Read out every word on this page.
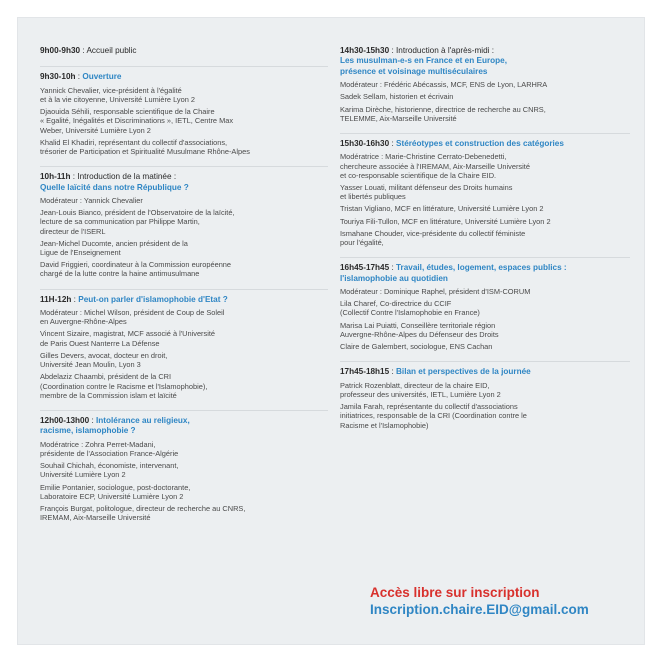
9h00-9h30 : Accueil public
9h30-10h : Ouverture
Yannick Chevalier, vice-président à l'égalité
et à la vie citoyenne, Université Lumière Lyon 2
Djaouida Séhili, responsable scientifique de la Chaire
« Egalité, Inégalités et Discriminations », IETL, Centre Max
Weber, Université Lumière Lyon 2
Khalid El Khadiri, représentant du collectif d'associations,
trésorier de Participation et Spiritualité Musulmane Rhône-Alpes
10h-11h : Introduction de la matinée :
Quelle laïcité dans notre République ?
Modérateur : Yannick Chevalier
Jean-Louis Bianco, président de l'Observatoire de la laïcité,
lecture de sa communication par Philippe Martin,
directeur de l'ISERL
Jean-Michel Ducomte, ancien président de la
Ligue de l'Enseignement
David Friggieri, coordinateur à la Commission européenne
chargé de la lutte contre la haine antimusulmane
11H-12h : Peut-on parler d'islamophobie d'Etat ?
Modérateur : Michel Wilson, président de Coup de Soleil
en Auvergne-Rhône-Alpes
Vincent Sizaire, magistrat, MCF associé à l'Université
de Paris Ouest Nanterre La Défense
Gilles Devers, avocat, docteur en droit,
Université Jean Moulin, Lyon 3
Abdelaziz Chaambi, président de la CRI
(Coordination contre le Racisme et l'Islamophobie),
membre de la Commission islam et laïcité
12h00-13h00 : Intolérance au religieux,
racisme, islamophobie ?
Modératrice : Zohra Perret-Madani,
présidente de l'Association France-Algérie
Souhail Chichah, économiste, intervenant,
Université Lumière Lyon 2
Emilie Pontanier, sociologue, post-doctorante,
Laboratoire ECP, Université Lumière Lyon 2
François Burgat, politologue, directeur de recherche au CNRS,
IREMAM, Aix-Marseille Université
14h30-15h30 : Introduction à l'après-midi :
Les musulman-e-s en France et en Europe,
présence et voisinage multiséculaires
Modérateur : Frédéric Abécassis, MCF, ENS de Lyon, LARHRA
Sadek Sellam, historien et écrivain
Karima Dirèche, historienne, directrice de recherche au CNRS,
TELEMME, Aix-Marseille Université
15h30-16h30 : Stéréotypes et construction des catégories
Modératrice : Marie-Christine Cerrato-Debenedetti,
chercheure associée à l'IREMAM, Aix-Marseille Université
et co-responsable scientifique de la Chaire EID.
Yasser Louati, militant défenseur des Droits humains
et libertés publiques
Tristan Vigliano, MCF en littérature, Université Lumière Lyon 2
Touriya Fili-Tullon, MCF en littérature, Université Lumière Lyon 2
Ismahane Chouder, vice-présidente du collectif féministe
pour l'égalité,
16h45-17h45 : Travail, études, logement, espaces publics :
l'islamophobie au quotidien
Modérateur : Dominique Raphel, président d'ISM-CORUM
Lila Charef, Co-directrice du CCIF
(Collectif Contre l'Islamophobie en France)
Marisa Lai Puiatti, Conseillère territoriale région
Auvergne-Rhône-Alpes du Défenseur des Droits
Claire de Galembert, sociologue, ENS Cachan
17h45-18h15 : Bilan et perspectives de la journée
Patrick Rozenblatt, directeur de la chaire EID,
professeur des universités, IETL, Lumière Lyon 2
Jamila Farah, représentante du collectif d'associations
initiatrices, responsable de la CRI (Coordination contre le
Racisme et l'Islamophobie)
Accès libre sur inscription
Inscription.chaire.EID@gmail.com
